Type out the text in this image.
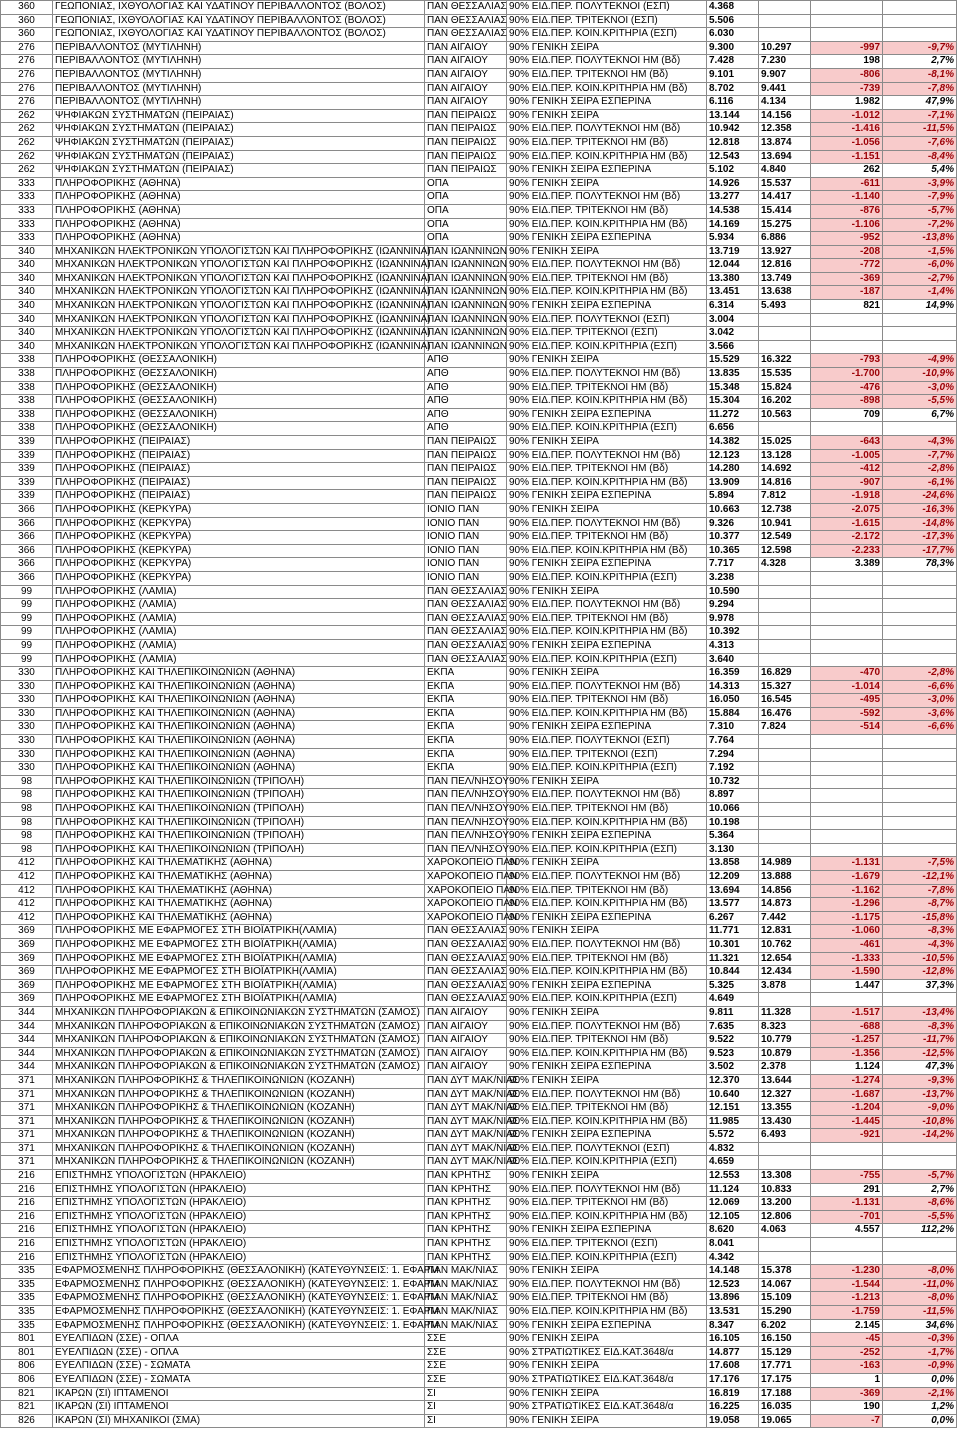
360	ΓΕΩΠΟΝΙΑΣ, ΙΧΘΥΟΛΟΓΙΑΣ ΚΑΙ ΥΔΑΤΙΝΟΥ ΠΕΡΙΒΑΛΛΟΝΤΟΣ (ΒΟΛΟΣ)	ΠΑΝ ΘΕΣΣΑΛΙΑΣ	90% ΕΙΔ.ΠΕΡ. ΠΟΛΥΤΕΚΝΟΙ (ΕΣΠ)	4.368			
360	ΓΕΩΠΟΝΙΑΣ, ΙΧΘΥΟΛΟΓΙΑΣ ΚΑΙ ΥΔΑΤΙΝΟΥ ΠΕΡΙΒΑΛΛΟΝΤΟΣ (ΒΟΛΟΣ)	ΠΑΝ ΘΕΣΣΑΛΙΑΣ	90% ΕΙΔ.ΠΕΡ. ΤΡΙΤΕΚΝΟΙ (ΕΣΠ)	5.506			
360	ΓΕΩΠΟΝΙΑΣ, ΙΧΘΥΟΛΟΓΙΑΣ ΚΑΙ ΥΔΑΤΙΝΟΥ ΠΕΡΙΒΑΛΛΟΝΤΟΣ (ΒΟΛΟΣ)	ΠΑΝ ΘΕΣΣΑΛΙΑΣ	90% ΕΙΔ.ΠΕΡ. ΚΟΙΝ.ΚΡΙΤΗΡΙΑ (ΕΣΠ)	6.030			
276	ΠΕΡΙΒΑΛΛΟΝΤΟΣ (ΜΥΤΙΛΗΝΗ)	ΠΑΝ ΑΙΓΑΙΟΥ	90% ΓΕΝΙΚΗ ΣΕΙΡΑ	9.300	10.297	-997	-9,7%
276	ΠΕΡΙΒΑΛΛΟΝΤΟΣ (ΜΥΤΙΛΗΝΗ)	ΠΑΝ ΑΙΓΑΙΟΥ	90% ΕΙΔ.ΠΕΡ. ΠΟΛΥΤΕΚΝΟΙ ΗΜ (Βδ)	7.428	7.230	198	2,7%
276	ΠΕΡΙΒΑΛΛΟΝΤΟΣ (ΜΥΤΙΛΗΝΗ)	ΠΑΝ ΑΙΓΑΙΟΥ	90% ΕΙΔ.ΠΕΡ. ΤΡΙΤΕΚΝΟΙ ΗΜ (Βδ)	9.101	9.907	-806	-8,1%
276	ΠΕΡΙΒΑΛΛΟΝΤΟΣ (ΜΥΤΙΛΗΝΗ)	ΠΑΝ ΑΙΓΑΙΟΥ	90% ΕΙΔ.ΠΕΡ. ΚΟΙΝ.ΚΡΙΤΗΡΙΑ ΗΜ (Βδ)	8.702	9.441	-739	-7,8%
276	ΠΕΡΙΒΑΛΛΟΝΤΟΣ (ΜΥΤΙΛΗΝΗ)	ΠΑΝ ΑΙΓΑΙΟΥ	90% ΓΕΝΙΚΗ ΣΕΙΡΑ ΕΣΠΕΡΙΝΑ	6.116	4.134	1.982	47,9%
262	ΨΗΦΙΑΚΩΝ ΣΥΣΤΗΜΑΤΩΝ (ΠΕΙΡΑΙΑΣ)	ΠΑΝ ΠΕΙΡΑΙΩΣ	90% ΓΕΝΙΚΗ ΣΕΙΡΑ	13.144	14.156	-1.012	-7,1%
262	ΨΗΦΙΑΚΩΝ ΣΥΣΤΗΜΑΤΩΝ (ΠΕΙΡΑΙΑΣ)	ΠΑΝ ΠΕΙΡΑΙΩΣ	90% ΕΙΔ.ΠΕΡ. ΠΟΛΥΤΕΚΝΟΙ ΗΜ (Βδ)	10.942	12.358	-1.416	-11,5%
262	ΨΗΦΙΑΚΩΝ ΣΥΣΤΗΜΑΤΩΝ (ΠΕΙΡΑΙΑΣ)	ΠΑΝ ΠΕΙΡΑΙΩΣ	90% ΕΙΔ.ΠΕΡ. ΤΡΙΤΕΚΝΟΙ ΗΜ (Βδ)	12.818	13.874	-1.056	-7,6%
262	ΨΗΦΙΑΚΩΝ ΣΥΣΤΗΜΑΤΩΝ (ΠΕΙΡΑΙΑΣ)	ΠΑΝ ΠΕΙΡΑΙΩΣ	90% ΕΙΔ.ΠΕΡ. ΚΟΙΝ.ΚΡΙΤΗΡΙΑ ΗΜ (Βδ)	12.543	13.694	-1.151	-8,4%
262	ΨΗΦΙΑΚΩΝ ΣΥΣΤΗΜΑΤΩΝ (ΠΕΙΡΑΙΑΣ)	ΠΑΝ ΠΕΙΡΑΙΩΣ	90% ΓΕΝΙΚΗ ΣΕΙΡΑ ΕΣΠΕΡΙΝΑ	5.102	4.840	262	5,4%
333	ΠΛΗΡΟΦΟΡΙΚΗΣ (ΑΘΗΝΑ)	ΟΠΑ	90% ΓΕΝΙΚΗ ΣΕΙΡΑ	14.926	15.537	-611	-3,9%
333	ΠΛΗΡΟΦΟΡΙΚΗΣ (ΑΘΗΝΑ)	ΟΠΑ	90% ΕΙΔ.ΠΕΡ. ΠΟΛΥΤΕΚΝΟΙ ΗΜ (Βδ)	13.277	14.417	-1.140	-7,9%
333	ΠΛΗΡΟΦΟΡΙΚΗΣ (ΑΘΗΝΑ)	ΟΠΑ	90% ΕΙΔ.ΠΕΡ. ΤΡΙΤΕΚΝΟΙ ΗΜ (Βδ)	14.538	15.414	-876	-5,7%
333	ΠΛΗΡΟΦΟΡΙΚΗΣ (ΑΘΗΝΑ)	ΟΠΑ	90% ΕΙΔ.ΠΕΡ. ΚΟΙΝ.ΚΡΙΤΗΡΙΑ ΗΜ (Βδ)	14.169	15.275	-1.106	-7,2%
333	ΠΛΗΡΟΦΟΡΙΚΗΣ (ΑΘΗΝΑ)	ΟΠΑ	90% ΓΕΝΙΚΗ ΣΕΙΡΑ ΕΣΠΕΡΙΝΑ	5.934	6.886	-952	-13,8%
340	ΜΗΧΑΝΙΚΩΝ ΗΛΕΚΤΡΟΝΙΚΩΝ ΥΠΟΛΟΓΙΣΤΩΝ ΚΑΙ ΠΛΗΡΟΦΟΡΙΚΗΣ (ΙΩΑΝΝΙΝΑ)	ΠΑΝ ΙΩΑΝΝΙΝΩΝ	90% ΓΕΝΙΚΗ ΣΕΙΡΑ	13.719	13.927	-208	-1,5%
340	ΜΗΧΑΝΙΚΩΝ ΗΛΕΚΤΡΟΝΙΚΩΝ ΥΠΟΛΟΓΙΣΤΩΝ ΚΑΙ ΠΛΗΡΟΦΟΡΙΚΗΣ (ΙΩΑΝΝΙΝΑ)	ΠΑΝ ΙΩΑΝΝΙΝΩΝ	90% ΕΙΔ.ΠΕΡ. ΠΟΛΥΤΕΚΝΟΙ ΗΜ (Βδ)	12.044	12.816	-772	-6,0%
340	ΜΗΧΑΝΙΚΩΝ ΗΛΕΚΤΡΟΝΙΚΩΝ ΥΠΟΛΟΓΙΣΤΩΝ ΚΑΙ ΠΛΗΡΟΦΟΡΙΚΗΣ (ΙΩΑΝΝΙΝΑ)	ΠΑΝ ΙΩΑΝΝΙΝΩΝ	90% ΕΙΔ.ΠΕΡ. ΤΡΙΤΕΚΝΟΙ ΗΜ (Βδ)	13.380	13.749	-369	-2,7%
340	ΜΗΧΑΝΙΚΩΝ ΗΛΕΚΤΡΟΝΙΚΩΝ ΥΠΟΛΟΓΙΣΤΩΝ ΚΑΙ ΠΛΗΡΟΦΟΡΙΚΗΣ (ΙΩΑΝΝΙΝΑ)	ΠΑΝ ΙΩΑΝΝΙΝΩΝ	90% ΕΙΔ.ΠΕΡ. ΚΟΙΝ.ΚΡΙΤΗΡΙΑ ΗΜ (Βδ)	13.451	13.638	-187	-1,4%
340	ΜΗΧΑΝΙΚΩΝ ΗΛΕΚΤΡΟΝΙΚΩΝ ΥΠΟΛΟΓΙΣΤΩΝ ΚΑΙ ΠΛΗΡΟΦΟΡΙΚΗΣ (ΙΩΑΝΝΙΝΑ)	ΠΑΝ ΙΩΑΝΝΙΝΩΝ	90% ΓΕΝΙΚΗ ΣΕΙΡΑ ΕΣΠΕΡΙΝΑ	6.314	5.493	821	14,9%
340	ΜΗΧΑΝΙΚΩΝ ΗΛΕΚΤΡΟΝΙΚΩΝ ΥΠΟΛΟΓΙΣΤΩΝ ΚΑΙ ΠΛΗΡΟΦΟΡΙΚΗΣ (ΙΩΑΝΝΙΝΑ)	ΠΑΝ ΙΩΑΝΝΙΝΩΝ	90% ΕΙΔ.ΠΕΡ. ΠΟΛΥΤΕΚΝΟΙ (ΕΣΠ)	3.004			
340	ΜΗΧΑΝΙΚΩΝ ΗΛΕΚΤΡΟΝΙΚΩΝ ΥΠΟΛΟΓΙΣΤΩΝ ΚΑΙ ΠΛΗΡΟΦΟΡΙΚΗΣ (ΙΩΑΝΝΙΝΑ)	ΠΑΝ ΙΩΑΝΝΙΝΩΝ	90% ΕΙΔ.ΠΕΡ. ΤΡΙΤΕΚΝΟΙ (ΕΣΠ)	3.042			
340	ΜΗΧΑΝΙΚΩΝ ΗΛΕΚΤΡΟΝΙΚΩΝ ΥΠΟΛΟΓΙΣΤΩΝ ΚΑΙ ΠΛΗΡΟΦΟΡΙΚΗΣ (ΙΩΑΝΝΙΝΑ)	ΠΑΝ ΙΩΑΝΝΙΝΩΝ	90% ΕΙΔ.ΠΕΡ. ΚΟΙΝ.ΚΡΙΤΗΡΙΑ (ΕΣΠ)	3.566			
338	ΠΛΗΡΟΦΟΡΙΚΗΣ (ΘΕΣΣΑΛΟΝΙΚΗ)	ΑΠΘ	90% ΓΕΝΙΚΗ ΣΕΙΡΑ	15.529	16.322	-793	-4,9%
338	ΠΛΗΡΟΦΟΡΙΚΗΣ (ΘΕΣΣΑΛΟΝΙΚΗ)	ΑΠΘ	90% ΕΙΔ.ΠΕΡ. ΠΟΛΥΤΕΚΝΟΙ ΗΜ (Βδ)	13.835	15.535	-1.700	-10,9%
338	ΠΛΗΡΟΦΟΡΙΚΗΣ (ΘΕΣΣΑΛΟΝΙΚΗ)	ΑΠΘ	90% ΕΙΔ.ΠΕΡ. ΤΡΙΤΕΚΝΟΙ ΗΜ (Βδ)	15.348	15.824	-476	-3,0%
338	ΠΛΗΡΟΦΟΡΙΚΗΣ (ΘΕΣΣΑΛΟΝΙΚΗ)	ΑΠΘ	90% ΕΙΔ.ΠΕΡ. ΚΟΙΝ.ΚΡΙΤΗΡΙΑ ΗΜ (Βδ)	15.304	16.202	-898	-5,5%
338	ΠΛΗΡΟΦΟΡΙΚΗΣ (ΘΕΣΣΑΛΟΝΙΚΗ)	ΑΠΘ	90% ΓΕΝΙΚΗ ΣΕΙΡΑ ΕΣΠΕΡΙΝΑ	11.272	10.563	709	6,7%
338	ΠΛΗΡΟΦΟΡΙΚΗΣ (ΘΕΣΣΑΛΟΝΙΚΗ)	ΑΠΘ	90% ΕΙΔ.ΠΕΡ. ΚΟΙΝ.ΚΡΙΤΗΡΙΑ (ΕΣΠ)	6.656			
339	ΠΛΗΡΟΦΟΡΙΚΗΣ (ΠΕΙΡΑΙΑΣ)	ΠΑΝ ΠΕΙΡΑΙΩΣ	90% ΓΕΝΙΚΗ ΣΕΙΡΑ	14.382	15.025	-643	-4,3%
339	ΠΛΗΡΟΦΟΡΙΚΗΣ (ΠΕΙΡΑΙΑΣ)	ΠΑΝ ΠΕΙΡΑΙΩΣ	90% ΕΙΔ.ΠΕΡ. ΠΟΛΥΤΕΚΝΟΙ ΗΜ (Βδ)	12.123	13.128	-1.005	-7,7%
339	ΠΛΗΡΟΦΟΡΙΚΗΣ (ΠΕΙΡΑΙΑΣ)	ΠΑΝ ΠΕΙΡΑΙΩΣ	90% ΕΙΔ.ΠΕΡ. ΤΡΙΤΕΚΝΟΙ ΗΜ (Βδ)	14.280	14.692	-412	-2,8%
339	ΠΛΗΡΟΦΟΡΙΚΗΣ (ΠΕΙΡΑΙΑΣ)	ΠΑΝ ΠΕΙΡΑΙΩΣ	90% ΕΙΔ.ΠΕΡ. ΚΟΙΝ.ΚΡΙΤΗΡΙΑ ΗΜ (Βδ)	13.909	14.816	-907	-6,1%
339	ΠΛΗΡΟΦΟΡΙΚΗΣ (ΠΕΙΡΑΙΑΣ)	ΠΑΝ ΠΕΙΡΑΙΩΣ	90% ΓΕΝΙΚΗ ΣΕΙΡΑ ΕΣΠΕΡΙΝΑ	5.894	7.812	-1.918	-24,6%
366	ΠΛΗΡΟΦΟΡΙΚΗΣ (ΚΕΡΚΥΡΑ)	ΙΟΝΙΟ ΠΑΝ	90% ΓΕΝΙΚΗ ΣΕΙΡΑ	10.663	12.738	-2.075	-16,3%
366	ΠΛΗΡΟΦΟΡΙΚΗΣ (ΚΕΡΚΥΡΑ)	ΙΟΝΙΟ ΠΑΝ	90% ΕΙΔ.ΠΕΡ. ΠΟΛΥΤΕΚΝΟΙ ΗΜ (Βδ)	9.326	10.941	-1.615	-14,8%
366	ΠΛΗΡΟΦΟΡΙΚΗΣ (ΚΕΡΚΥΡΑ)	ΙΟΝΙΟ ΠΑΝ	90% ΕΙΔ.ΠΕΡ. ΤΡΙΤΕΚΝΟΙ ΗΜ (Βδ)	10.377	12.549	-2.172	-17,3%
366	ΠΛΗΡΟΦΟΡΙΚΗΣ (ΚΕΡΚΥΡΑ)	ΙΟΝΙΟ ΠΑΝ	90% ΕΙΔ.ΠΕΡ. ΚΟΙΝ.ΚΡΙΤΗΡΙΑ ΗΜ (Βδ)	10.365	12.598	-2.233	-17,7%
366	ΠΛΗΡΟΦΟΡΙΚΗΣ (ΚΕΡΚΥΡΑ)	ΙΟΝΙΟ ΠΑΝ	90% ΓΕΝΙΚΗ ΣΕΙΡΑ ΕΣΠΕΡΙΝΑ	7.717	4.328	3.389	78,3%
366	ΠΛΗΡΟΦΟΡΙΚΗΣ (ΚΕΡΚΥΡΑ)	ΙΟΝΙΟ ΠΑΝ	90% ΕΙΔ.ΠΕΡ. ΚΟΙΝ.ΚΡΙΤΗΡΙΑ (ΕΣΠ)	3.238			
99	ΠΛΗΡΟΦΟΡΙΚΗΣ (ΛΑΜΙΑ)	ΠΑΝ ΘΕΣΣΑΛΙΑΣ	90% ΓΕΝΙΚΗ ΣΕΙΡΑ	10.590			
99	ΠΛΗΡΟΦΟΡΙΚΗΣ (ΛΑΜΙΑ)	ΠΑΝ ΘΕΣΣΑΛΙΑΣ	90% ΕΙΔ.ΠΕΡ. ΠΟΛΥΤΕΚΝΟΙ ΗΜ (Βδ)	9.294			
99	ΠΛΗΡΟΦΟΡΙΚΗΣ (ΛΑΜΙΑ)	ΠΑΝ ΘΕΣΣΑΛΙΑΣ	90% ΕΙΔ.ΠΕΡ. ΤΡΙΤΕΚΝΟΙ ΗΜ (Βδ)	9.978			
99	ΠΛΗΡΟΦΟΡΙΚΗΣ (ΛΑΜΙΑ)	ΠΑΝ ΘΕΣΣΑΛΙΑΣ	90% ΕΙΔ.ΠΕΡ. ΚΟΙΝ.ΚΡΙΤΗΡΙΑ ΗΜ (Βδ)	10.392			
99	ΠΛΗΡΟΦΟΡΙΚΗΣ (ΛΑΜΙΑ)	ΠΑΝ ΘΕΣΣΑΛΙΑΣ	90% ΓΕΝΙΚΗ ΣΕΙΡΑ ΕΣΠΕΡΙΝΑ	4.313			
99	ΠΛΗΡΟΦΟΡΙΚΗΣ (ΛΑΜΙΑ)	ΠΑΝ ΘΕΣΣΑΛΙΑΣ	90% ΕΙΔ.ΠΕΡ. ΚΟΙΝ.ΚΡΙΤΗΡΙΑ (ΕΣΠ)	3.640			
330	ΠΛΗΡΟΦΟΡΙΚΗΣ ΚΑΙ ΤΗΛΕΠΙΚΟΙΝΩΝΙΩΝ (ΑΘΗΝΑ)	ΕΚΠΑ	90% ΓΕΝΙΚΗ ΣΕΙΡΑ	16.359	16.829	-470	-2,8%
330	ΠΛΗΡΟΦΟΡΙΚΗΣ ΚΑΙ ΤΗΛΕΠΙΚΟΙΝΩΝΙΩΝ (ΑΘΗΝΑ)	ΕΚΠΑ	90% ΕΙΔ.ΠΕΡ. ΠΟΛΥΤΕΚΝΟΙ ΗΜ (Βδ)	14.313	15.327	-1.014	-6,6%
330	ΠΛΗΡΟΦΟΡΙΚΗΣ ΚΑΙ ΤΗΛΕΠΙΚΟΙΝΩΝΙΩΝ (ΑΘΗΝΑ)	ΕΚΠΑ	90% ΕΙΔ.ΠΕΡ. ΤΡΙΤΕΚΝΟΙ ΗΜ (Βδ)	16.050	16.545	-495	-3,0%
330	ΠΛΗΡΟΦΟΡΙΚΗΣ ΚΑΙ ΤΗΛΕΠΙΚΟΙΝΩΝΙΩΝ (ΑΘΗΝΑ)	ΕΚΠΑ	90% ΕΙΔ.ΠΕΡ. ΚΟΙΝ.ΚΡΙΤΗΡΙΑ ΗΜ (Βδ)	15.884	16.476	-592	-3,6%
330	ΠΛΗΡΟΦΟΡΙΚΗΣ ΚΑΙ ΤΗΛΕΠΙΚΟΙΝΩΝΙΩΝ (ΑΘΗΝΑ)	ΕΚΠΑ	90% ΓΕΝΙΚΗ ΣΕΙΡΑ ΕΣΠΕΡΙΝΑ	7.310	7.824	-514	-6,6%
330	ΠΛΗΡΟΦΟΡΙΚΗΣ ΚΑΙ ΤΗΛΕΠΙΚΟΙΝΩΝΙΩΝ (ΑΘΗΝΑ)	ΕΚΠΑ	90% ΕΙΔ.ΠΕΡ. ΠΟΛΥΤΕΚΝΟΙ (ΕΣΠ)	7.764			
330	ΠΛΗΡΟΦΟΡΙΚΗΣ ΚΑΙ ΤΗΛΕΠΙΚΟΙΝΩΝΙΩΝ (ΑΘΗΝΑ)	ΕΚΠΑ	90% ΕΙΔ.ΠΕΡ. ΤΡΙΤΕΚΝΟΙ (ΕΣΠ)	7.294			
330	ΠΛΗΡΟΦΟΡΙΚΗΣ ΚΑΙ ΤΗΛΕΠΙΚΟΙΝΩΝΙΩΝ (ΑΘΗΝΑ)	ΕΚΠΑ	90% ΕΙΔ.ΠΕΡ. ΚΟΙΝ.ΚΡΙΤΗΡΙΑ (ΕΣΠ)	7.192			
98	ΠΛΗΡΟΦΟΡΙΚΗΣ ΚΑΙ ΤΗΛΕΠΙΚΟΙΝΩΝΙΩΝ (ΤΡΙΠΟΛΗ)	ΠΑΝ ΠΕΛ/ΝΗΣΟΥ	90% ΓΕΝΙΚΗ ΣΕΙΡΑ	10.732			
98	ΠΛΗΡΟΦΟΡΙΚΗΣ ΚΑΙ ΤΗΛΕΠΙΚΟΙΝΩΝΙΩΝ (ΤΡΙΠΟΛΗ)	ΠΑΝ ΠΕΛ/ΝΗΣΟΥ	90% ΕΙΔ.ΠΕΡ. ΠΟΛΥΤΕΚΝΟΙ ΗΜ (Βδ)	8.897			
98	ΠΛΗΡΟΦΟΡΙΚΗΣ ΚΑΙ ΤΗΛΕΠΙΚΟΙΝΩΝΙΩΝ (ΤΡΙΠΟΛΗ)	ΠΑΝ ΠΕΛ/ΝΗΣΟΥ	90% ΕΙΔ.ΠΕΡ. ΤΡΙΤΕΚΝΟΙ ΗΜ (Βδ)	10.066			
98	ΠΛΗΡΟΦΟΡΙΚΗΣ ΚΑΙ ΤΗΛΕΠΙΚΟΙΝΩΝΙΩΝ (ΤΡΙΠΟΛΗ)	ΠΑΝ ΠΕΛ/ΝΗΣΟΥ	90% ΕΙΔ.ΠΕΡ. ΚΟΙΝ.ΚΡΙΤΗΡΙΑ ΗΜ (Βδ)	10.198			
98	ΠΛΗΡΟΦΟΡΙΚΗΣ ΚΑΙ ΤΗΛΕΠΙΚΟΙΝΩΝΙΩΝ (ΤΡΙΠΟΛΗ)	ΠΑΝ ΠΕΛ/ΝΗΣΟΥ	90% ΓΕΝΙΚΗ ΣΕΙΡΑ ΕΣΠΕΡΙΝΑ	5.364			
98	ΠΛΗΡΟΦΟΡΙΚΗΣ ΚΑΙ ΤΗΛΕΠΙΚΟΙΝΩΝΙΩΝ (ΤΡΙΠΟΛΗ)	ΠΑΝ ΠΕΛ/ΝΗΣΟΥ	90% ΕΙΔ.ΠΕΡ. ΚΟΙΝ.ΚΡΙΤΗΡΙΑ (ΕΣΠ)	3.130			
412	ΠΛΗΡΟΦΟΡΙΚΗΣ ΚΑΙ ΤΗΛΕΜΑΤΙΚΗΣ (ΑΘΗΝΑ)	ΧΑΡΟΚΟΠΕΙΟ ΠΑΝ	90% ΓΕΝΙΚΗ ΣΕΙΡΑ	13.858	14.989	-1.131	-7,5%
412	ΠΛΗΡΟΦΟΡΙΚΗΣ ΚΑΙ ΤΗΛΕΜΑΤΙΚΗΣ (ΑΘΗΝΑ)	ΧΑΡΟΚΟΠΕΙΟ ΠΑΝ	90% ΕΙΔ.ΠΕΡ. ΠΟΛΥΤΕΚΝΟΙ ΗΜ (Βδ)	12.209	13.888	-1.679	-12,1%
412	ΠΛΗΡΟΦΟΡΙΚΗΣ ΚΑΙ ΤΗΛΕΜΑΤΙΚΗΣ (ΑΘΗΝΑ)	ΧΑΡΟΚΟΠΕΙΟ ΠΑΝ	90% ΕΙΔ.ΠΕΡ. ΤΡΙΤΕΚΝΟΙ ΗΜ (Βδ)	13.694	14.856	-1.162	-7,8%
412	ΠΛΗΡΟΦΟΡΙΚΗΣ ΚΑΙ ΤΗΛΕΜΑΤΙΚΗΣ (ΑΘΗΝΑ)	ΧΑΡΟΚΟΠΕΙΟ ΠΑΝ	90% ΕΙΔ.ΠΕΡ. ΚΟΙΝ.ΚΡΙΤΗΡΙΑ ΗΜ (Βδ)	13.577	14.873	-1.296	-8,7%
412	ΠΛΗΡΟΦΟΡΙΚΗΣ ΚΑΙ ΤΗΛΕΜΑΤΙΚΗΣ (ΑΘΗΝΑ)	ΧΑΡΟΚΟΠΕΙΟ ΠΑΝ	90% ΓΕΝΙΚΗ ΣΕΙΡΑ ΕΣΠΕΡΙΝΑ	6.267	7.442	-1.175	-15,8%
369	ΠΛΗΡΟΦΟΡΙΚΗΣ ΜΕ ΕΦΑΡΜΟΓΕΣ ΣΤΗ ΒΙΟΪΑΤΡΙΚΗ(ΛΑΜΙΑ)	ΠΑΝ ΘΕΣΣΑΛΙΑΣ	90% ΓΕΝΙΚΗ ΣΕΙΡΑ	11.771	12.831	-1.060	-8,3%
369	ΠΛΗΡΟΦΟΡΙΚΗΣ ΜΕ ΕΦΑΡΜΟΓΕΣ ΣΤΗ ΒΙΟΪΑΤΡΙΚΗ(ΛΑΜΙΑ)	ΠΑΝ ΘΕΣΣΑΛΙΑΣ	90% ΕΙΔ.ΠΕΡ. ΠΟΛΥΤΕΚΝΟΙ ΗΜ (Βδ)	10.301	10.762	-461	-4,3%
369	ΠΛΗΡΟΦΟΡΙΚΗΣ ΜΕ ΕΦΑΡΜΟΓΕΣ ΣΤΗ ΒΙΟΪΑΤΡΙΚΗ(ΛΑΜΙΑ)	ΠΑΝ ΘΕΣΣΑΛΙΑΣ	90% ΕΙΔ.ΠΕΡ. ΤΡΙΤΕΚΝΟΙ ΗΜ (Βδ)	11.321	12.654	-1.333	-10,5%
369	ΠΛΗΡΟΦΟΡΙΚΗΣ ΜΕ ΕΦΑΡΜΟΓΕΣ ΣΤΗ ΒΙΟΪΑΤΡΙΚΗ(ΛΑΜΙΑ)	ΠΑΝ ΘΕΣΣΑΛΙΑΣ	90% ΕΙΔ.ΠΕΡ. ΚΟΙΝ.ΚΡΙΤΗΡΙΑ ΗΜ (Βδ)	10.844	12.434	-1.590	-12,8%
369	ΠΛΗΡΟΦΟΡΙΚΗΣ ΜΕ ΕΦΑΡΜΟΓΕΣ ΣΤΗ ΒΙΟΪΑΤΡΙΚΗ(ΛΑΜΙΑ)	ΠΑΝ ΘΕΣΣΑΛΙΑΣ	90% ΓΕΝΙΚΗ ΣΕΙΡΑ ΕΣΠΕΡΙΝΑ	5.325	3.878	1.447	37,3%
369	ΠΛΗΡΟΦΟΡΙΚΗΣ ΜΕ ΕΦΑΡΜΟΓΕΣ ΣΤΗ ΒΙΟΪΑΤΡΙΚΗ(ΛΑΜΙΑ)	ΠΑΝ ΘΕΣΣΑΛΙΑΣ	90% ΕΙΔ.ΠΕΡ. ΚΟΙΝ.ΚΡΙΤΗΡΙΑ (ΕΣΠ)	4.649			
344	ΜΗΧΑΝΙΚΩΝ ΠΛΗΡΟΦΟΡΙΑΚΩΝ & ΕΠΙΚΟΙΝΩΝΙΑΚΩΝ ΣΥΣΤΗΜΑΤΩΝ (ΣΑΜΟΣ)	ΠΑΝ ΑΙΓΑΙΟΥ	90% ΓΕΝΙΚΗ ΣΕΙΡΑ	9.811	11.328	-1.517	-13,4%
344	ΜΗΧΑΝΙΚΩΝ ΠΛΗΡΟΦΟΡΙΑΚΩΝ & ΕΠΙΚΟΙΝΩΝΙΑΚΩΝ ΣΥΣΤΗΜΑΤΩΝ (ΣΑΜΟΣ)	ΠΑΝ ΑΙΓΑΙΟΥ	90% ΕΙΔ.ΠΕΡ. ΠΟΛΥΤΕΚΝΟΙ ΗΜ (Βδ)	7.635	8.323	-688	-8,3%
344	ΜΗΧΑΝΙΚΩΝ ΠΛΗΡΟΦΟΡΙΑΚΩΝ & ΕΠΙΚΟΙΝΩΝΙΑΚΩΝ ΣΥΣΤΗΜΑΤΩΝ (ΣΑΜΟΣ)	ΠΑΝ ΑΙΓΑΙΟΥ	90% ΕΙΔ.ΠΕΡ. ΤΡΙΤΕΚΝΟΙ ΗΜ (Βδ)	9.522	10.779	-1.257	-11,7%
344	ΜΗΧΑΝΙΚΩΝ ΠΛΗΡΟΦΟΡΙΑΚΩΝ & ΕΠΙΚΟΙΝΩΝΙΑΚΩΝ ΣΥΣΤΗΜΑΤΩΝ (ΣΑΜΟΣ)	ΠΑΝ ΑΙΓΑΙΟΥ	90% ΕΙΔ.ΠΕΡ. ΚΟΙΝ.ΚΡΙΤΗΡΙΑ ΗΜ (Βδ)	9.523	10.879	-1.356	-12,5%
344	ΜΗΧΑΝΙΚΩΝ ΠΛΗΡΟΦΟΡΙΑΚΩΝ & ΕΠΙΚΟΙΝΩΝΙΑΚΩΝ ΣΥΣΤΗΜΑΤΩΝ (ΣΑΜΟΣ)	ΠΑΝ ΑΙΓΑΙΟΥ	90% ΓΕΝΙΚΗ ΣΕΙΡΑ ΕΣΠΕΡΙΝΑ	3.502	2.378	1.124	47,3%
371	ΜΗΧΑΝΙΚΩΝ ΠΛΗΡΟΦΟΡΙΚΗΣ & ΤΗΛΕΠΙΚΟΙΝΩΝΙΩΝ (ΚΟΖΑΝΗ)	ΠΑΝ ΔΥΤ ΜΑΚ/ΝΙΑΣ	90% ΓΕΝΙΚΗ ΣΕΙΡΑ	12.370	13.644	-1.274	-9,3%
371	ΜΗΧΑΝΙΚΩΝ ΠΛΗΡΟΦΟΡΙΚΗΣ & ΤΗΛΕΠΙΚΟΙΝΩΝΙΩΝ (ΚΟΖΑΝΗ)	ΠΑΝ ΔΥΤ ΜΑΚ/ΝΙΑΣ	90% ΕΙΔ.ΠΕΡ. ΠΟΛΥΤΕΚΝΟΙ ΗΜ (Βδ)	10.640	12.327	-1.687	-13,7%
371	ΜΗΧΑΝΙΚΩΝ ΠΛΗΡΟΦΟΡΙΚΗΣ & ΤΗΛΕΠΙΚΟΙΝΩΝΙΩΝ (ΚΟΖΑΝΗ)	ΠΑΝ ΔΥΤ ΜΑΚ/ΝΙΑΣ	90% ΕΙΔ.ΠΕΡ. ΤΡΙΤΕΚΝΟΙ ΗΜ (Βδ)	12.151	13.355	-1.204	-9,0%
371	ΜΗΧΑΝΙΚΩΝ ΠΛΗΡΟΦΟΡΙΚΗΣ & ΤΗΛΕΠΙΚΟΙΝΩΝΙΩΝ (ΚΟΖΑΝΗ)	ΠΑΝ ΔΥΤ ΜΑΚ/ΝΙΑΣ	90% ΕΙΔ.ΠΕΡ. ΚΟΙΝ.ΚΡΙΤΗΡΙΑ ΗΜ (Βδ)	11.985	13.430	-1.445	-10,8%
371	ΜΗΧΑΝΙΚΩΝ ΠΛΗΡΟΦΟΡΙΚΗΣ & ΤΗΛΕΠΙΚΟΙΝΩΝΙΩΝ (ΚΟΖΑΝΗ)	ΠΑΝ ΔΥΤ ΜΑΚ/ΝΙΑΣ	90% ΓΕΝΙΚΗ ΣΕΙΡΑ ΕΣΠΕΡΙΝΑ	5.572	6.493	-921	-14,2%
371	ΜΗΧΑΝΙΚΩΝ ΠΛΗΡΟΦΟΡΙΚΗΣ & ΤΗΛΕΠΙΚΟΙΝΩΝΙΩΝ (ΚΟΖΑΝΗ)	ΠΑΝ ΔΥΤ ΜΑΚ/ΝΙΑΣ	90% ΕΙΔ.ΠΕΡ. ΠΟΛΥΤΕΚΝΟΙ (ΕΣΠ)	4.832			
371	ΜΗΧΑΝΙΚΩΝ ΠΛΗΡΟΦΟΡΙΚΗΣ & ΤΗΛΕΠΙΚΟΙΝΩΝΙΩΝ (ΚΟΖΑΝΗ)	ΠΑΝ ΔΥΤ ΜΑΚ/ΝΙΑΣ	90% ΕΙΔ.ΠΕΡ. ΚΟΙΝ.ΚΡΙΤΗΡΙΑ (ΕΣΠ)	4.659			
216	ΕΠΙΣΤΗΜΗΣ ΥΠΟΛΟΓΙΣΤΩΝ (ΗΡΑΚΛΕΙΟ)	ΠΑΝ ΚΡΗΤΗΣ	90% ΓΕΝΙΚΗ ΣΕΙΡΑ	12.553	13.308	-755	-5,7%
216	ΕΠΙΣΤΗΜΗΣ ΥΠΟΛΟΓΙΣΤΩΝ (ΗΡΑΚΛΕΙΟ)	ΠΑΝ ΚΡΗΤΗΣ	90% ΕΙΔ.ΠΕΡ. ΠΟΛΥΤΕΚΝΟΙ ΗΜ (Βδ)	11.124	10.833	291	2,7%
216	ΕΠΙΣΤΗΜΗΣ ΥΠΟΛΟΓΙΣΤΩΝ (ΗΡΑΚΛΕΙΟ)	ΠΑΝ ΚΡΗΤΗΣ	90% ΕΙΔ.ΠΕΡ. ΤΡΙΤΕΚΝΟΙ ΗΜ (Βδ)	12.069	13.200	-1.131	-8,6%
216	ΕΠΙΣΤΗΜΗΣ ΥΠΟΛΟΓΙΣΤΩΝ (ΗΡΑΚΛΕΙΟ)	ΠΑΝ ΚΡΗΤΗΣ	90% ΕΙΔ.ΠΕΡ. ΚΟΙΝ.ΚΡΙΤΗΡΙΑ ΗΜ (Βδ)	12.105	12.806	-701	-5,5%
216	ΕΠΙΣΤΗΜΗΣ ΥΠΟΛΟΓΙΣΤΩΝ (ΗΡΑΚΛΕΙΟ)	ΠΑΝ ΚΡΗΤΗΣ	90% ΓΕΝΙΚΗ ΣΕΙΡΑ ΕΣΠΕΡΙΝΑ	8.620	4.063	4.557	112,2%
216	ΕΠΙΣΤΗΜΗΣ ΥΠΟΛΟΓΙΣΤΩΝ (ΗΡΑΚΛΕΙΟ)	ΠΑΝ ΚΡΗΤΗΣ	90% ΕΙΔ.ΠΕΡ. ΤΡΙΤΕΚΝΟΙ (ΕΣΠ)	8.041			
216	ΕΠΙΣΤΗΜΗΣ ΥΠΟΛΟΓΙΣΤΩΝ (ΗΡΑΚΛΕΙΟ)	ΠΑΝ ΚΡΗΤΗΣ	90% ΕΙΔ.ΠΕΡ. ΚΟΙΝ.ΚΡΙΤΗΡΙΑ (ΕΣΠ)	4.342			
335	ΕΦΑΡΜΟΣΜΕΝΗΣ ΠΛΗΡΟΦΟΡΙΚΗΣ (ΘΕΣΣΑΛΟΝΙΚΗ) (ΚΑΤΕΥΘΥΝΣΕΙΣ: 1. ΕΦΑΡΜ	ΠΑΝ ΜΑΚ/ΝΙΑΣ	90% ΓΕΝΙΚΗ ΣΕΙΡΑ	14.148	15.378	-1.230	-8,0%
335	ΕΦΑΡΜΟΣΜΕΝΗΣ ΠΛΗΡΟΦΟΡΙΚΗΣ (ΘΕΣΣΑΛΟΝΙΚΗ) (ΚΑΤΕΥΘΥΝΣΕΙΣ: 1. ΕΦΑΡΜ	ΠΑΝ ΜΑΚ/ΝΙΑΣ	90% ΕΙΔ.ΠΕΡ. ΠΟΛΥΤΕΚΝΟΙ ΗΜ (Βδ)	12.523	14.067	-1.544	-11,0%
335	ΕΦΑΡΜΟΣΜΕΝΗΣ ΠΛΗΡΟΦΟΡΙΚΗΣ (ΘΕΣΣΑΛΟΝΙΚΗ) (ΚΑΤΕΥΘΥΝΣΕΙΣ: 1. ΕΦΑΡΜ	ΠΑΝ ΜΑΚ/ΝΙΑΣ	90% ΕΙΔ.ΠΕΡ. ΤΡΙΤΕΚΝΟΙ ΗΜ (Βδ)	13.896	15.109	-1.213	-8,0%
335	ΕΦΑΡΜΟΣΜΕΝΗΣ ΠΛΗΡΟΦΟΡΙΚΗΣ (ΘΕΣΣΑΛΟΝΙΚΗ) (ΚΑΤΕΥΘΥΝΣΕΙΣ: 1. ΕΦΑΡΜ	ΠΑΝ ΜΑΚ/ΝΙΑΣ	90% ΕΙΔ.ΠΕΡ. ΚΟΙΝ.ΚΡΙΤΗΡΙΑ ΗΜ (Βδ)	13.531	15.290	-1.759	-11,5%
335	ΕΦΑΡΜΟΣΜΕΝΗΣ ΠΛΗΡΟΦΟΡΙΚΗΣ (ΘΕΣΣΑΛΟΝΙΚΗ) (ΚΑΤΕΥΘΥΝΣΕΙΣ: 1. ΕΦΑΡΜ	ΠΑΝ ΜΑΚ/ΝΙΑΣ	90% ΓΕΝΙΚΗ ΣΕΙΡΑ ΕΣΠΕΡΙΝΑ	8.347	6.202	2.145	34,6%
801	ΕΥΕΛΠΙΔΩΝ (ΣΣΕ) - ΟΠΛΑ	ΣΣΕ	90% ΓΕΝΙΚΗ ΣΕΙΡΑ	16.105	16.150	-45	-0,3%
801	ΕΥΕΛΠΙΔΩΝ (ΣΣΕ) - ΟΠΛΑ	ΣΣΕ	90% ΣΤΡΑΤΙΩΤΙΚΕΣ ΕΙΔ.ΚΑΤ.3648/α	14.877	15.129	-252	-1,7%
806	ΕΥΕΛΠΙΔΩΝ (ΣΣΕ) - ΣΩΜΑΤΑ	ΣΣΕ	90% ΓΕΝΙΚΗ ΣΕΙΡΑ	17.608	17.771	-163	-0,9%
806	ΕΥΕΛΠΙΔΩΝ (ΣΣΕ) - ΣΩΜΑΤΑ	ΣΣΕ	90% ΣΤΡΑΤΙΩΤΙΚΕΣ ΕΙΔ.ΚΑΤ.3648/α	17.176	17.175	1	0,0%
821	ΙΚΑΡΩΝ (ΣΙ) ΙΠΤΑΜΕΝΟΙ	ΣΙ	90% ΓΕΝΙΚΗ ΣΕΙΡΑ	16.819	17.188	-369	-2,1%
821	ΙΚΑΡΩΝ (ΣΙ) ΙΠΤΑΜΕΝΟΙ	ΣΙ	90% ΣΤΡΑΤΙΩΤΙΚΕΣ ΕΙΔ.ΚΑΤ.3648/α	16.225	16.035	190	1,2%
826	ΙΚΑΡΩΝ (ΣΙ) ΜΗΧΑΝΙΚΟΙ (ΣΜΑ)	ΣΙ	90% ΓΕΝΙΚΗ ΣΕΙΡΑ	19.058	19.065	-7	0,0%
